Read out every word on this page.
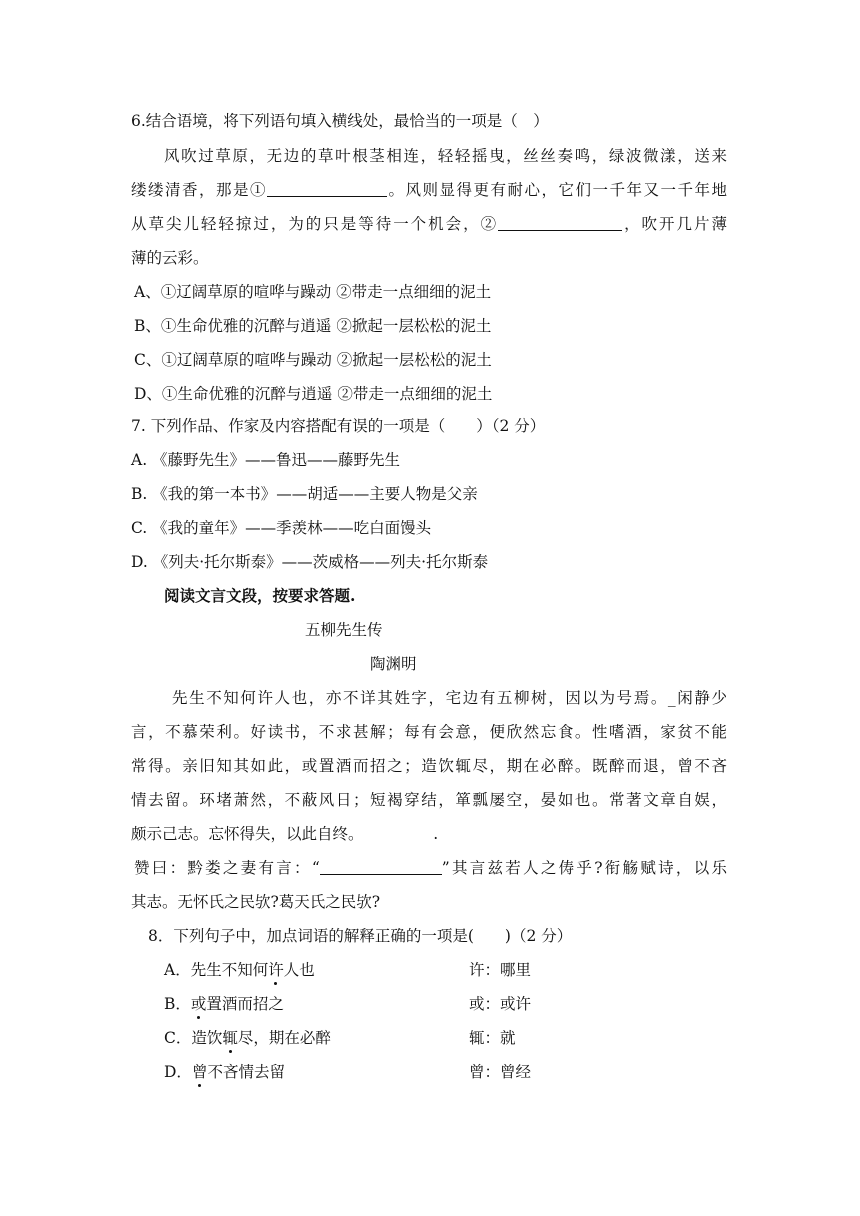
6.结合语境，将下列语句填入横线处，最恰当的一项是（　）
风吹过草原，无边的草叶根茎相连，轻轻摇曳，丝丝奏鸣，绿波微漾，送来
缕缕清香，那是①	。风则显得更有耐心，它们一千年又一千年地
从草尖儿轻轻掠过，为的只是等待一个机会，②	，吹开几片薄
薄的云彩。
A、①辽阔草原的喧哗与躁动 ②带走一点细细的泥土
B、①生命优雅的沉醉与逍遥 ②掀起一层松松的泥土
C、①辽阔草原的喧哗与躁动 ②掀起一层松松的泥土
D、①生命优雅的沉醉与逍遥 ②带走一点细细的泥土
7. 下列作品、作家及内容搭配有误的一项是（　　）（2 分）
A. 《藤野先生》——鲁迅——藤野先生
B. 《我的第一本书》——胡适——主要人物是父亲
C. 《我的童年》——季羡林——吃白面馒头
D. 《列夫·托尔斯泰》——茨威格——列夫·托尔斯泰
阅读文言文段，按要求答题.
五柳先生传
陶渊明
先生不知何许人也，亦不详其姓字，宅边有五柳树，因以为号焉。_闲静少
言，不慕荣利。好读书，不求甚解；每有会意，便欣然忘食。性嗜酒，家贫不能
常得。亲旧知其如此，或置酒而招之；造饮辄尽，期在必醉。既醉而退，曾不吝
情去留。环堵萧然，不蔽风日；短褐穿结，箪瓢屡空，晏如也。常著文章自娱，
颇示己志。忘怀得失，以此自终。　　　　　.
赞曰：黔娄之妻有言：“	”其言兹若人之俦乎?衔觞赋诗，以乐
其志。无怀氏之民欤?葛天氏之民欤?
8．下列句子中，加点词语的解释正确的一项是(　　)（2 分）
A．先生不知何许人也	许：哪里
B．或置酒而招之	或：或许
C．造饮辄尽，期在必醉	辄：就
D．曾不吝情去留	曾：曾经
